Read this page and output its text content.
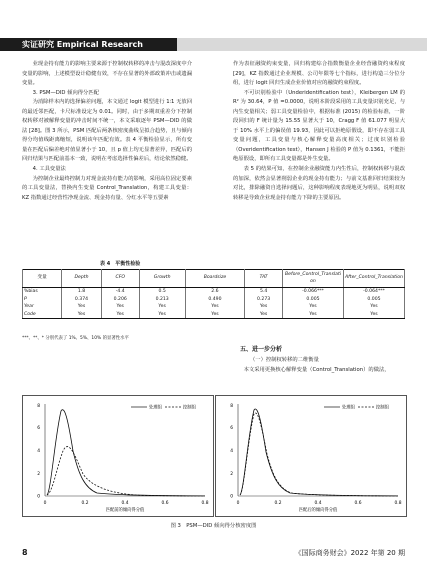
实证研究 Empirical Research

业现金持有能力的影响主要来源于控制权转移的冲击与混改深度中介变量的影响，上述模型设计稳健有效，不存在显著的外部政策冲击或遗漏变量。

3. PSM—DID 倾向得分匹配

为消除样本内的选择偏差问题，本文通过 logit 模型进行 1∶1 无放回的最近邻匹配，卡尺标准设定为 0.01。同时，由于多期双重差分下控制权转移对被解释变量的冲击时间不统一，本文采取逐年 PSM—DID 的做法 [28]。图 3 所示，PSM 匹配后两条核密度曲线呈拟合趋势，且与倾向得分均值线距离缩短，说明该年匹配有效。表 4 平衡检验显示，所有变量在匹配后偏差绝对值显著小于 10，且 p 值上均无显著差异，匹配后的回归结果与匹配前基本一致，说明在考虑选择性偏差后，结论依然稳健。

4. 工具变量法

为控制企业最终控制力对现金流持有能力的影响，采用高位固定要素的工具变量法，替换内生变量 Control_Translation，构建工具变量：KZ 指数通过经营性净现金流、现金持有量、分红水平等五要素

作为表征融资约束变量，回归构建综合指数衡量企业经营融资约束程度 [29]，KZ 指数通过企业规模、公司年限等七个指标，进行构造三分位分组，进行 logit 回归生成企业价值对应的融资约束程度。

不可识别检验中（Underidentification test），Kleibergen LM 的 R² 为 30.64，P 值 =0.0000，说明本阶段采用的工具变量识别充足，与内生变量相关；弱工具变量检验中，根据标准 (2015) 的检验标准，一阶段回归的 F 统计量为 15.55 显著大于 10，Cragg F 值 61.077 明显大于 10% 水平上的偏误值 19.93，因此可以拒绝原假设，即不存在弱工具变量问题，工具变量与核心解释变量高度相关；过度识别检验（Overidentification test），Hansen J 检验的 P 值为 0.1361，不能拒绝原假设，即所有工具变量都是外生变量。

表 5 的结果可知，在控制企业融资能力内生性后，控制权转移与混改的加深，依然会显著削弱企业的现金持有能力；与前文基准回归结果较为对比，排除融资自选择问题后，这种影响程度表现地更为明显，说明双权转移是导致企业现金持有能力下降的主要原因。

表 4　平衡性检验
变量	Depth	CFO	Growth	Boardsize	TAT	Before_Control_Translation	After_Control_Translation
%bias	1.8	-4.4	0.5	2.6	5.4	-0.066***	-0.064***
P	0.374	0.206	0.213	0.490	0.273	0.005	0.005
Year	Yes	Yes	Yes	Yes	Yes	Yes	Yes
Code	Yes	Yes	Yes	Yes	Yes	Yes	Yes
***、**、* 分别代表了 1%、5%、10% 的显著性水平
五、进一步分析
（一）控制权转移的二维衡量
本文采用更换核心解释变量（Control_Translation）的做法，
0
2
4
6
8
0	0.2	0.4	0.6	0.8
匹配前的倾向得分值
处理组	控制组
0
2
4
6
8
0	0.2	0.4	0.6	0.8
匹配后的倾向得分值
处理组	控制组
图 3　PSM—DID 倾向得分核密度图
8	《国际商务财会》2022 年第 20 期
